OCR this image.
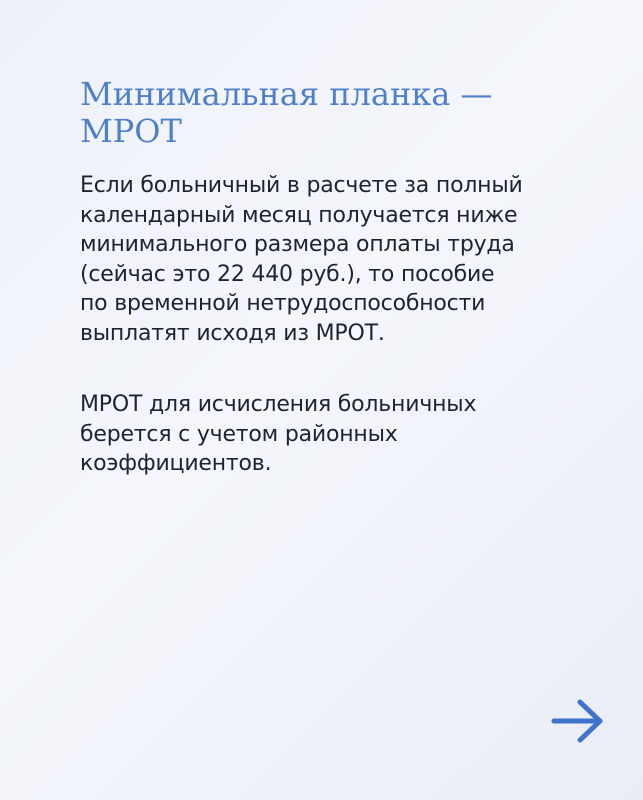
Минимальная планка —
МРОТ

Если больничный в расчете за полный
календарный месяц получается ниже
минимального размера оплаты труда
(сейчас это 22 440 руб.), то пособие
по временной нетрудоспособности
выплатят исходя из МРОТ.

МРОТ для исчисления больничных
берется с учетом районных
коэффициентов.
